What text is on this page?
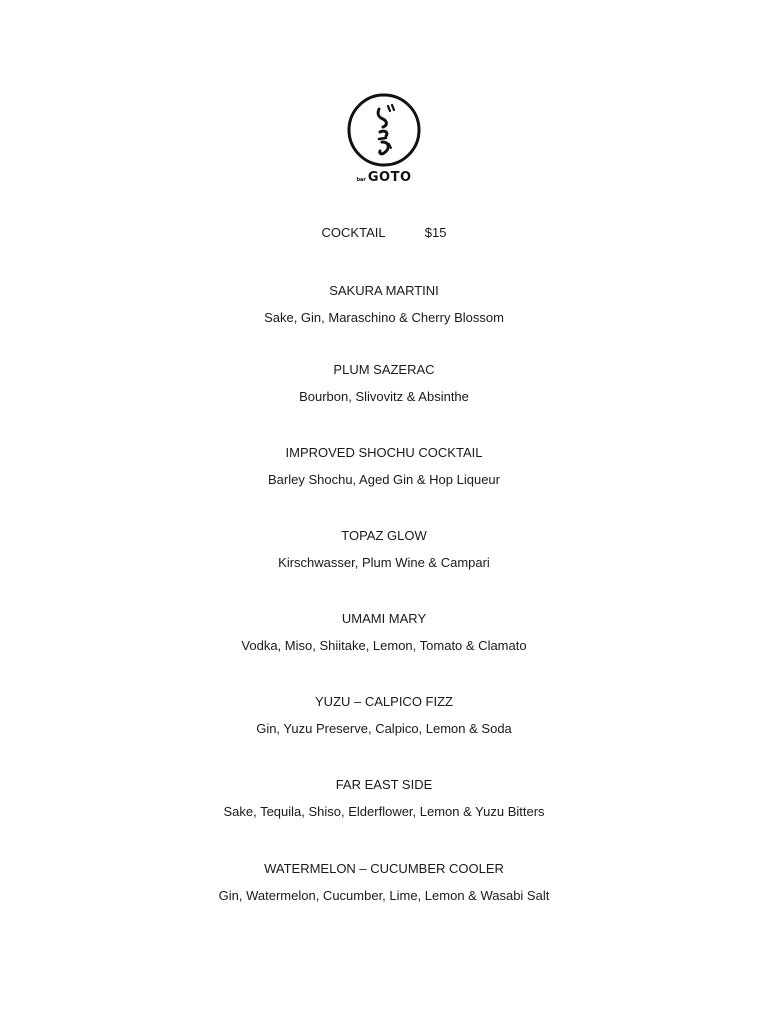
bar GOTO
COCKTAIL	$15
SAKURA MARTINI
Sake, Gin, Maraschino & Cherry Blossom
PLUM SAZERAC
Bourbon, Slivovitz & Absinthe
IMPROVED SHOCHU COCKTAIL
Barley Shochu, Aged Gin & Hop Liqueur
TOPAZ GLOW
Kirschwasser, Plum Wine & Campari
UMAMI MARY
Vodka, Miso, Shiitake, Lemon, Tomato & Clamato
YUZU – CALPICO FIZZ
Gin, Yuzu Preserve, Calpico, Lemon & Soda
FAR EAST SIDE
Sake, Tequila, Shiso, Elderflower, Lemon & Yuzu Bitters
WATERMELON – CUCUMBER COOLER
Gin, Watermelon, Cucumber, Lime, Lemon & Wasabi Salt
